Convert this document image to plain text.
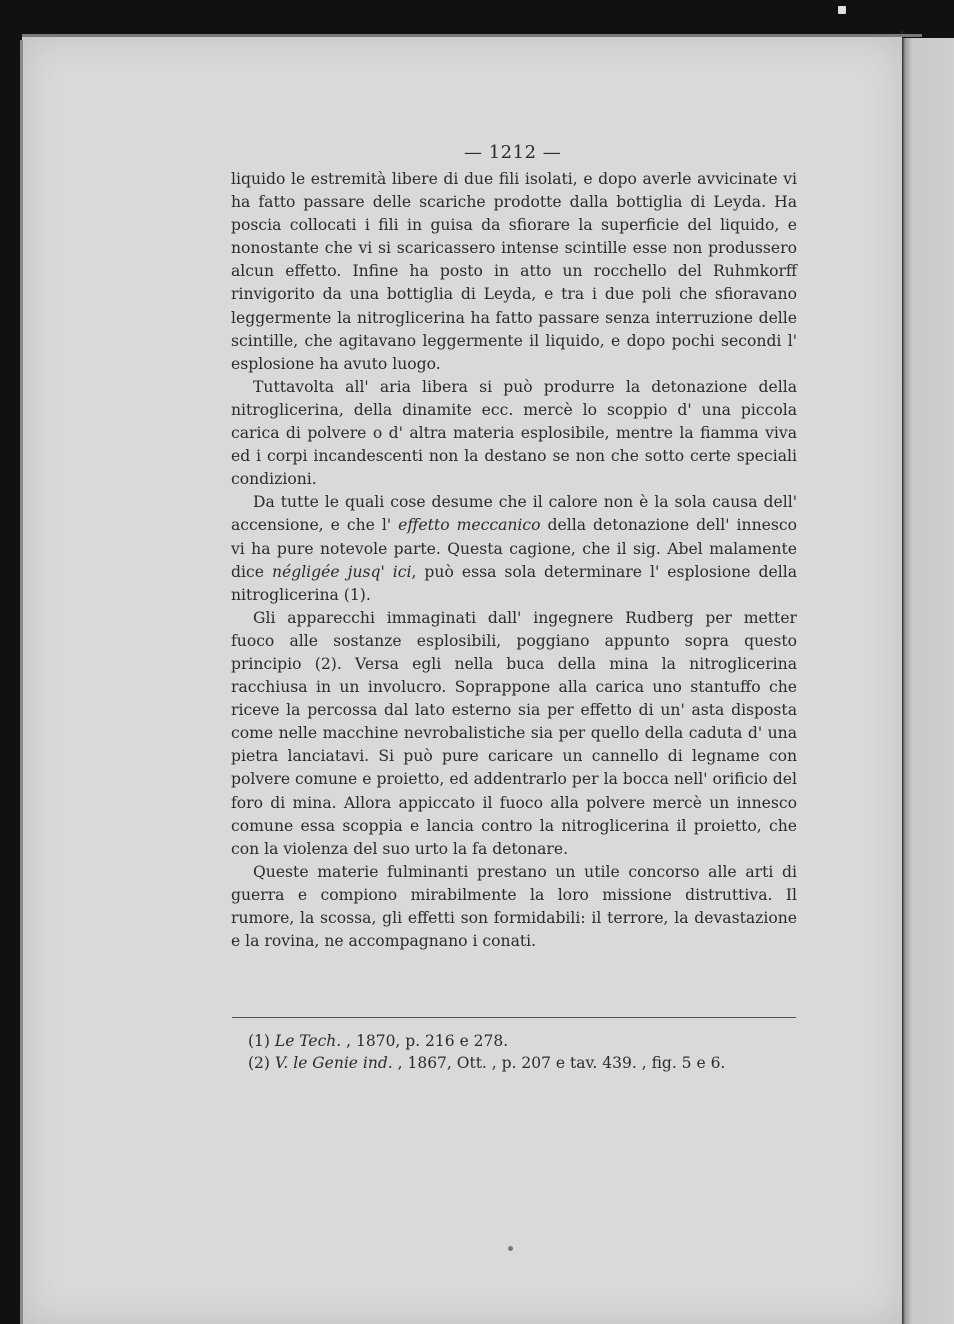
— 1212 —

liquido le estremità libere di due fili isolati, e dopo averle avvicinate vi ha fatto passare delle scariche prodotte dalla bottiglia di Leyda. Ha poscia collocati i fili in guisa da sfiorare la superficie del liquido, e nonostante che vi si scaricassero intense scintille esse non produssero alcun effetto. Infine ha posto in atto un rocchello del Ruhmkorff rinvigorito da una bottiglia di Leyda, e tra i due poli che sfioravano leggermente la nitroglicerina ha fatto passare senza interruzione delle scintille, che agitavano leggermente il liquido, e dopo pochi secondi l' esplosione ha avuto luogo.

Tuttavolta all' aria libera si può produrre la detonazione della nitroglicerina, della dinamite ecc. mercè lo scoppio d' una piccola carica di polvere o d' altra materia esplosibile, mentre la fiamma viva ed i corpi incandescenti non la destano se non che sotto certe speciali condizioni.

Da tutte le quali cose desume che il calore non è la sola causa dell' accensione, e che l' effetto meccanico della detonazione dell' innesco vi ha pure notevole parte. Questa cagione, che il sig. Abel malamente dice négligée jusq' ici, può essa sola determinare l' esplosione della nitroglicerina (1).

Gli apparecchi immaginati dall' ingegnere Rudberg per metter fuoco alle sostanze esplosibili, poggiano appunto sopra questo principio (2). Versa egli nella buca della mina la nitroglicerina racchiusa in un involucro. Soprappone alla carica uno stantuffo che riceve la percossa dal lato esterno sia per effetto di un' asta disposta come nelle macchine nevrobalistiche sia per quello della caduta d' una pietra lanciatavi. Si può pure caricare un cannello di legname con polvere comune e proietto, ed addentrarlo per la bocca nell' orificio del foro di mina. Allora appiccato il fuoco alla polvere mercè un innesco comune essa scoppia e lancia contro la nitroglicerina il proietto, che con la violenza del suo urto la fa detonare.

Queste materie fulminanti prestano un utile concorso alle arti di guerra e compiono mirabilmente la loro missione distruttiva. Il rumore, la scossa, gli effetti son formidabili: il terrore, la devastazione e la rovina, ne accompagnano i conati.

(1) Le Tech. , 1870, p. 216 e 278.
(2) V. le Genie ind. , 1867, Ott. , p. 207 e tav. 439. , fig. 5 e 6.
